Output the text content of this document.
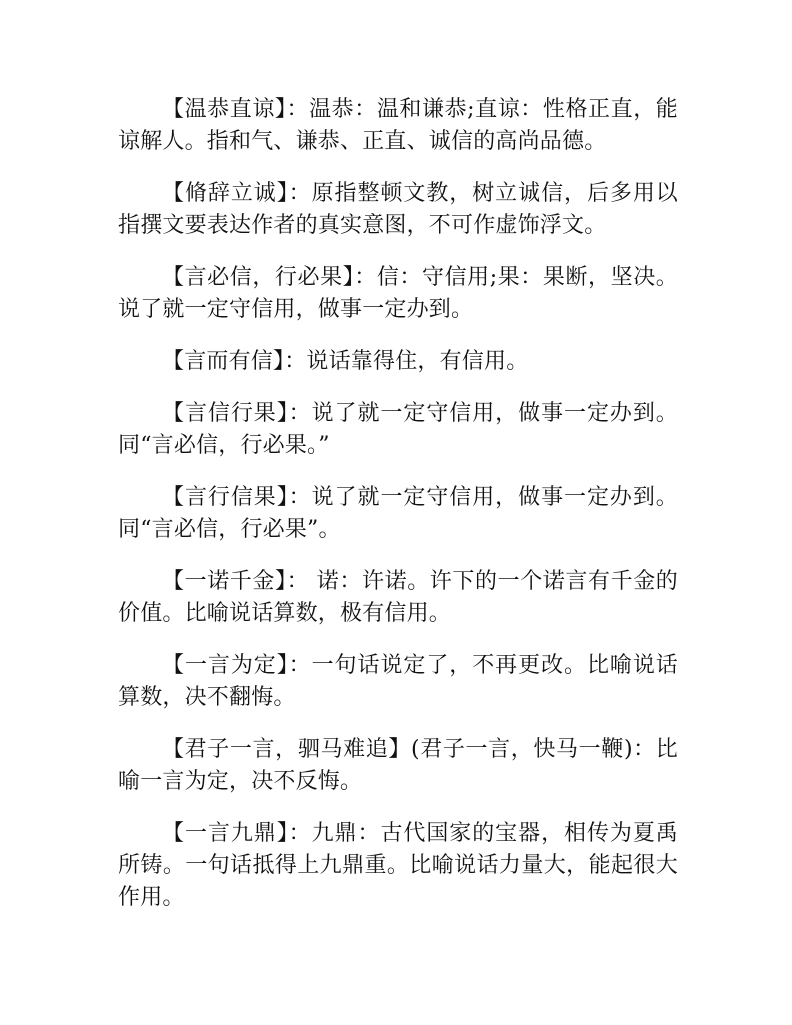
【温恭直谅】：温恭：温和谦恭;直谅：性格正直，能谅解人。指和气、谦恭、正直、诚信的高尚品德。

【脩辞立诚】：原指整顿文教，树立诚信，后多用以指撰文要表达作者的真实意图，不可作虚饰浮文。

【言必信，行必果】：信：守信用;果：果断，坚决。说了就一定守信用，做事一定办到。

【言而有信】：说话靠得住，有信用。

【言信行果】：说了就一定守信用，做事一定办到。同“言必信，行必果。”

【言行信果】：说了就一定守信用，做事一定办到。同“言必信，行必果”。

【一诺千金】： 诺：许诺。许下的一个诺言有千金的价值。比喻说话算数，极有信用。

【一言为定】：一句话说定了，不再更改。比喻说话算数，决不翻悔。

【君子一言，驷马难追】(君子一言，快马一鞭)：比喻一言为定，决不反悔。

【一言九鼎】：九鼎：古代国家的宝器，相传为夏禹所铸。一句话抵得上九鼎重。比喻说话力量大，能起很大作用。
